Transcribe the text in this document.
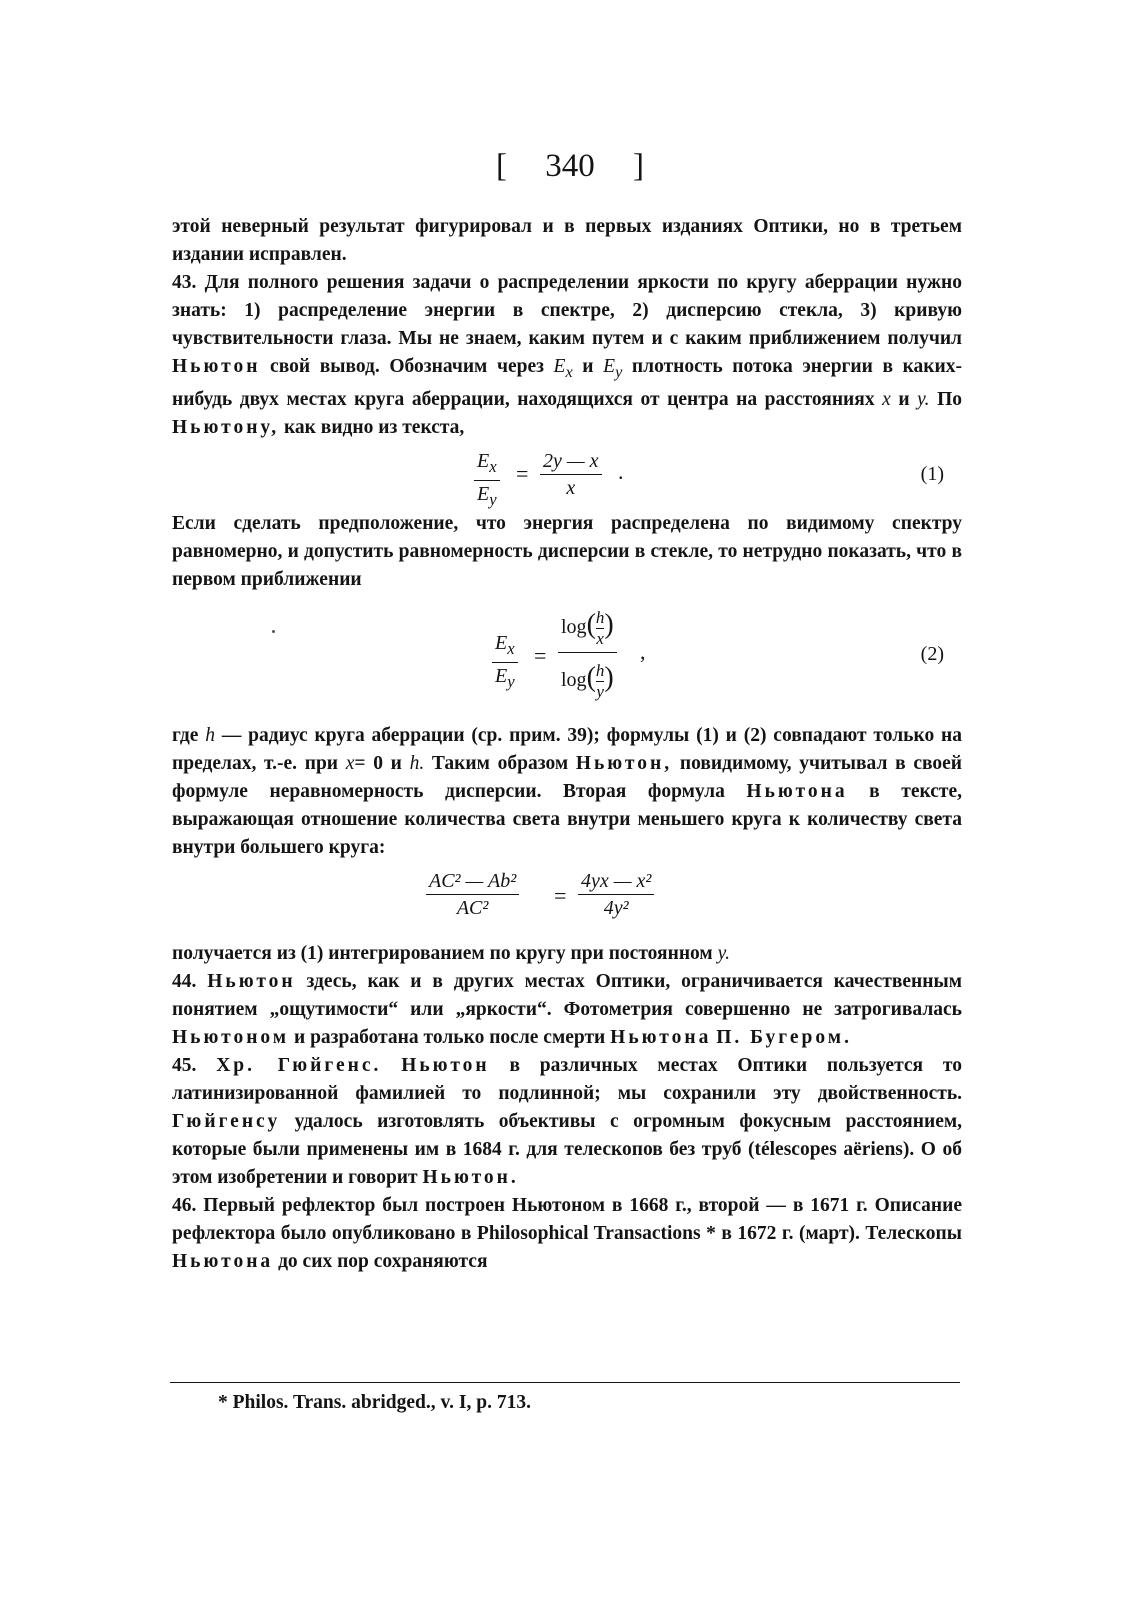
[ 340 ]

этой неверный результат фигурировал и в первых изданиях Оптики, но в третьем издании исправлен.

43. Для полного решения задачи о распределении яркости по кругу аберрации нужно знать: 1) распределение энергии в спектре, 2) дисперсию стекла, 3) кривую чувствительности глаза. Мы не знаем, каким путем и с каким приближением получил Ньютон свой вывод. Обозначим через $E_x$ и $E_y$ плотность потока энергии в каких-нибудь двух местах круга аберрации, находящихся от центра на расстояниях x и y. По Ньютону, как видно из текста,

$E_x$
$E_y$
= 2y — x
x
.	(1)

Если сделать предположение, что энергия распределена по видимому спектру равномерно, и допустить равномерность дисперсии в стекле, то нетрудно показать, что в первом приближении

$E_x$
$E_y$
=
$\log( \frac{h}{x}$ )
$\log( \frac{h}{y}$ )
,	(2)

где h — радиус круга аберрации (ср. прим. 39); формулы (1) и (2) совпадают только на пределах, т.-е. при x= 0 и h. Таким образом Ньютон, повидимому, учитывал в своей формуле неравномерность дисперсии. Вторая формула Ньютона в тексте, выражающая отношение количества света внутри меньшего круга к количеству света внутри большего круга:

AC² — Ab²
AC²	=
4yx — x²
4y²

получается из (1) интегрированием по кругу при постоянном y.

44. Ньютон здесь, как и в других местах Оптики, ограничивается качественным понятием „ощутимости“ или „яркости“. Фотометрия совершенно не затрогивалась Ньютоном и разработана только после смерти Ньютона П. Бугером.

45. Хр. Гюйгенс. Ньютон в различных местах Оптики пользуется то латинизированной фамилией то подлинной; мы сохранили эту двойственность. Гюйгенсу удалось изготовлять объективы с огромным фокусным расстоянием, которые были применены им в 1684 г. для телескопов без труб (télescopes aëriens). О об этом изобретении и говорит Ньютон.

46. Первый рефлектор был построен Ньютоном в 1668 г., второй — в 1671 г. Описание рефлектора было опубликовано в Philosophical Transactions * в 1672 г. (март). Телескопы Ньютона до сих пор сохраняются

* Philos. Trans. abridged., v. I, p. 713.
